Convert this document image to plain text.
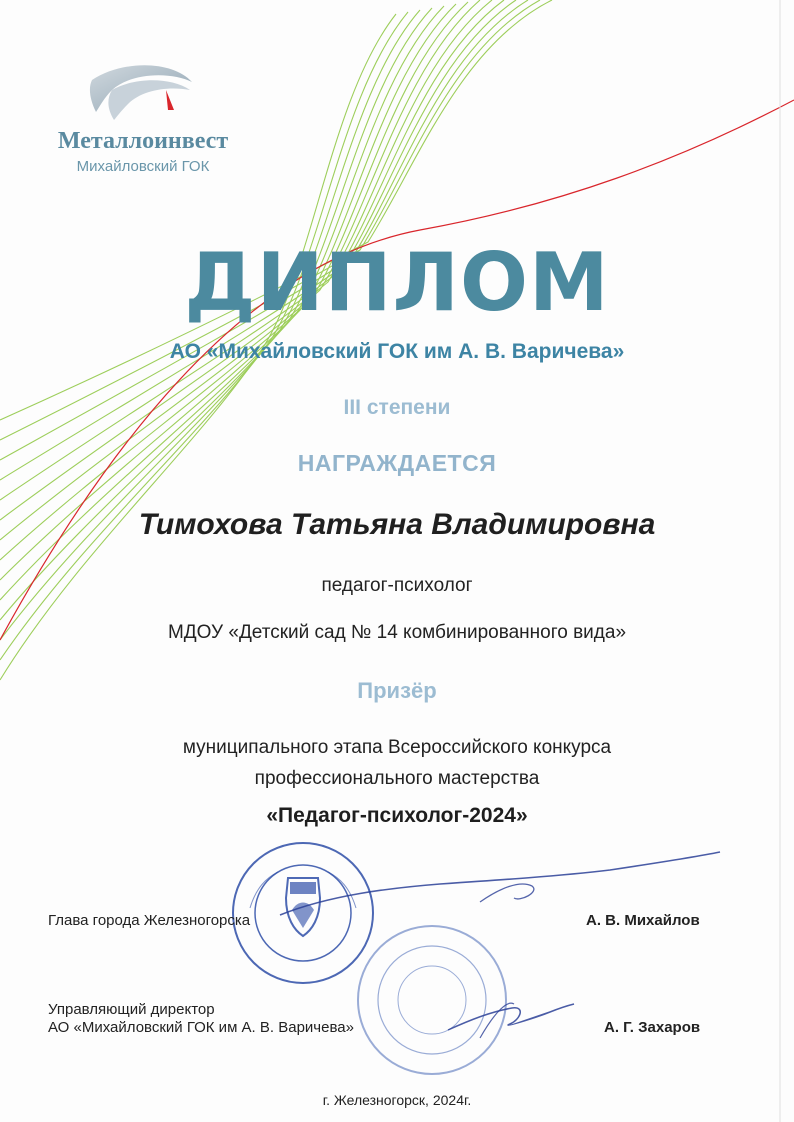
Металлоинвест
Михайловский ГОК
ДИПЛОМ
АО «Михайловский ГОК им А. В. Варичева»
III степени
НАГРАЖДАЕТСЯ
Тимохова Татьяна Владимировна
педагог-психолог
МДОУ «Детский сад № 14 комбинированного вида»
Призёр
муниципального этапа Всероссийского конкурса
профессионального мастерства
«Педагог-психолог-2024»
Глава города Железногорска	А. В. Михайлов
Управляющий директор
АО «Михайловский ГОК им А. В. Варичева»	А. Г. Захаров
г. Железногорск, 2024г.
